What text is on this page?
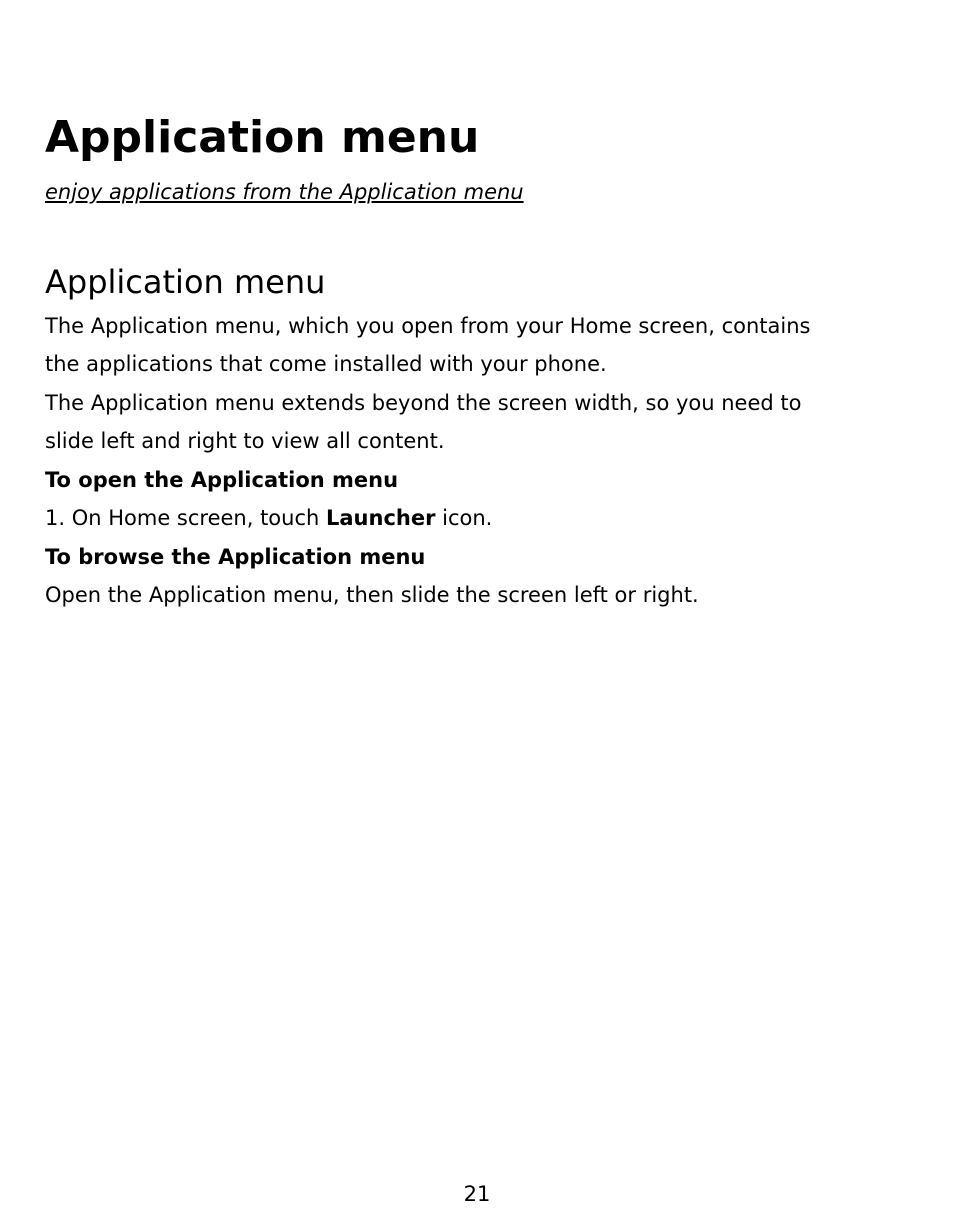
Application menu

enjoy applications from the Application menu

Application menu

The Application menu, which you open from your Home screen, contains

the applications that come installed with your phone.

The Application menu extends beyond the screen width, so you need to

slide left and right to view all content.

To open the Application menu

1. On Home screen, touch Launcher icon.

To browse the Application menu

Open the Application menu, then slide the screen left or right.

21
